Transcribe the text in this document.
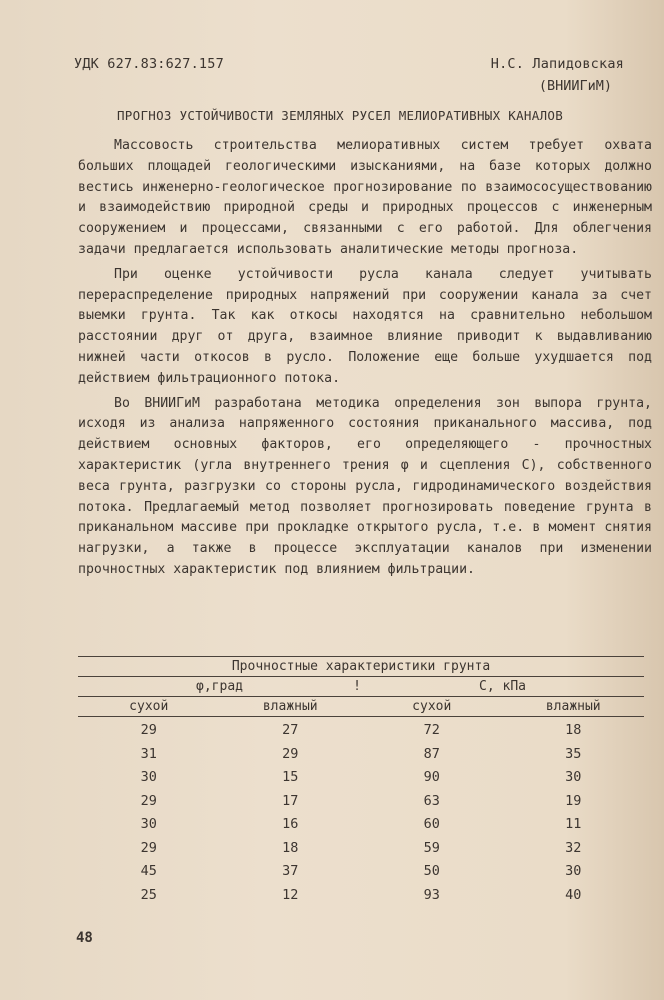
УДК 627.83:627.157	Н.С. Лапидовская
(ВНИИГиМ)
ПРОГНОЗ УСТОЙЧИВОСТИ ЗЕМЛЯНЫХ РУСЕЛ МЕЛИОРАТИВНЫХ КАНАЛОВ

Массовость строительства мелиоративных систем требует охвата больших площадей геологическими изысканиями, на базе которых должно вестись инженерно-геологическое прогнозирование по взаимососуществованию и взаимодействию природной среды и природных процессов с инженерным сооружением и процессами, связанными с его работой. Для облегчения задачи предлагается использовать аналитические методы прогноза.

При оценке устойчивости русла канала следует учитывать перераспределение природных напряжений при сооружении канала за счет выемки грунта. Так как откосы находятся на сравнительно небольшом расстоянии друг от друга, взаимное влияние приводит к выдавливанию нижней части откосов в русло. Положение еще больше ухудшается под действием фильтрационного потока.

Во ВНИИГиМ разработана методика определения зон выпора грунта, исходя из анализа напряженного состояния приканального массива, под действием основных факторов, его определяющего - прочностных характеристик (угла внутреннего трения φ и сцепления С), собственного веса грунта, разгрузки со стороны русла, гидродинамического воздействия потока. Предлагаемый метод позволяет прогнозировать поведение грунта в приканальном массиве при прокладке открытого русла, т.е. в момент снятия нагрузки, а также в процессе эксплуатации каналов при изменении прочностных характеристик под влиянием фильтрации.

Прочностные характеристики грунта
φ,град	!	С, кПа
сухой	влажный	сухой	влажный
29	27	72	18
31	29	87	35
30	15	90	30
29	17	63	19
30	16	60	11
29	18	59	32
45	37	50	30
25	12	93	40
48
